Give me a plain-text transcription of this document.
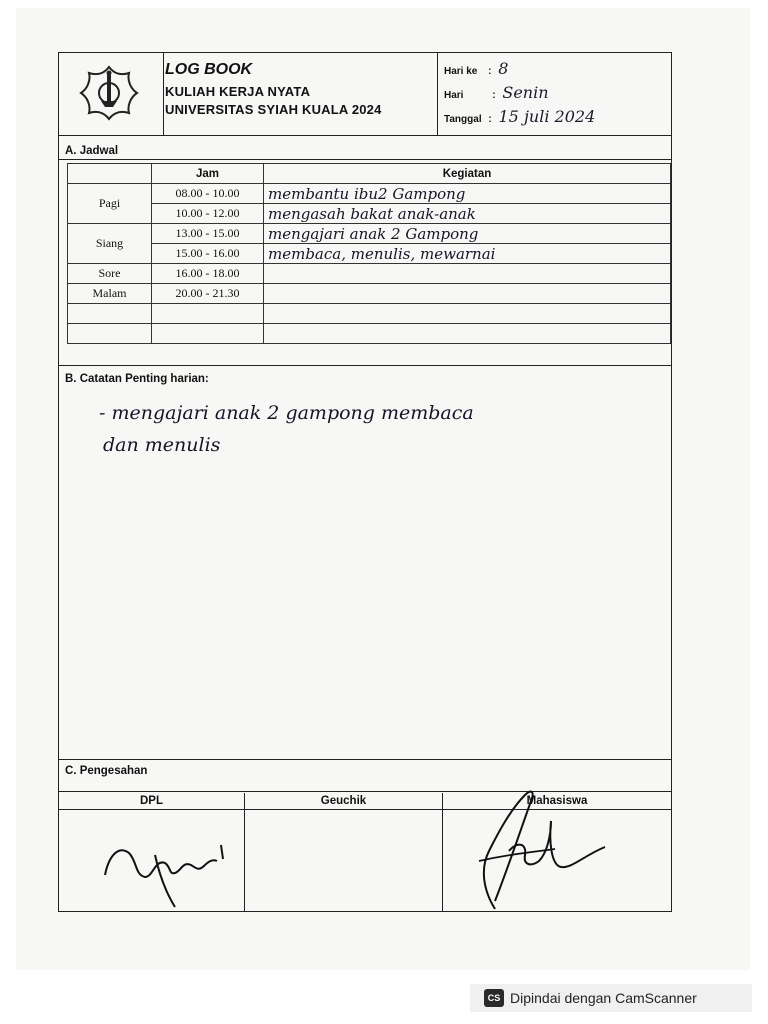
LOG BOOK
KULIAH KERJA NYATA
UNIVERSITAS SYIAH KUALA 2024
Hari ke : 8
Hari	: Senin
Tanggal : 15 juli 2024
A. Jadwal
	Jam	Kegiatan
Pagi	08.00 - 10.00	membantu ibu2 Gampong
	10.00 - 12.00	mengasah bakat anak-anak
Siang	13.00 - 15.00	mengajari anak 2 Gampong
	15.00 - 16.00	membaca, menulis, mewarnai
Sore	16.00 - 18.00	
Malam	20.00 - 21.30	

B. Catatan Penting harian:
- mengajari anak 2 gampong membaca
dan menulis
C. Pengesahan
DPL	Geuchik	Mahasiswa
CS Dipindai dengan CamScanner
